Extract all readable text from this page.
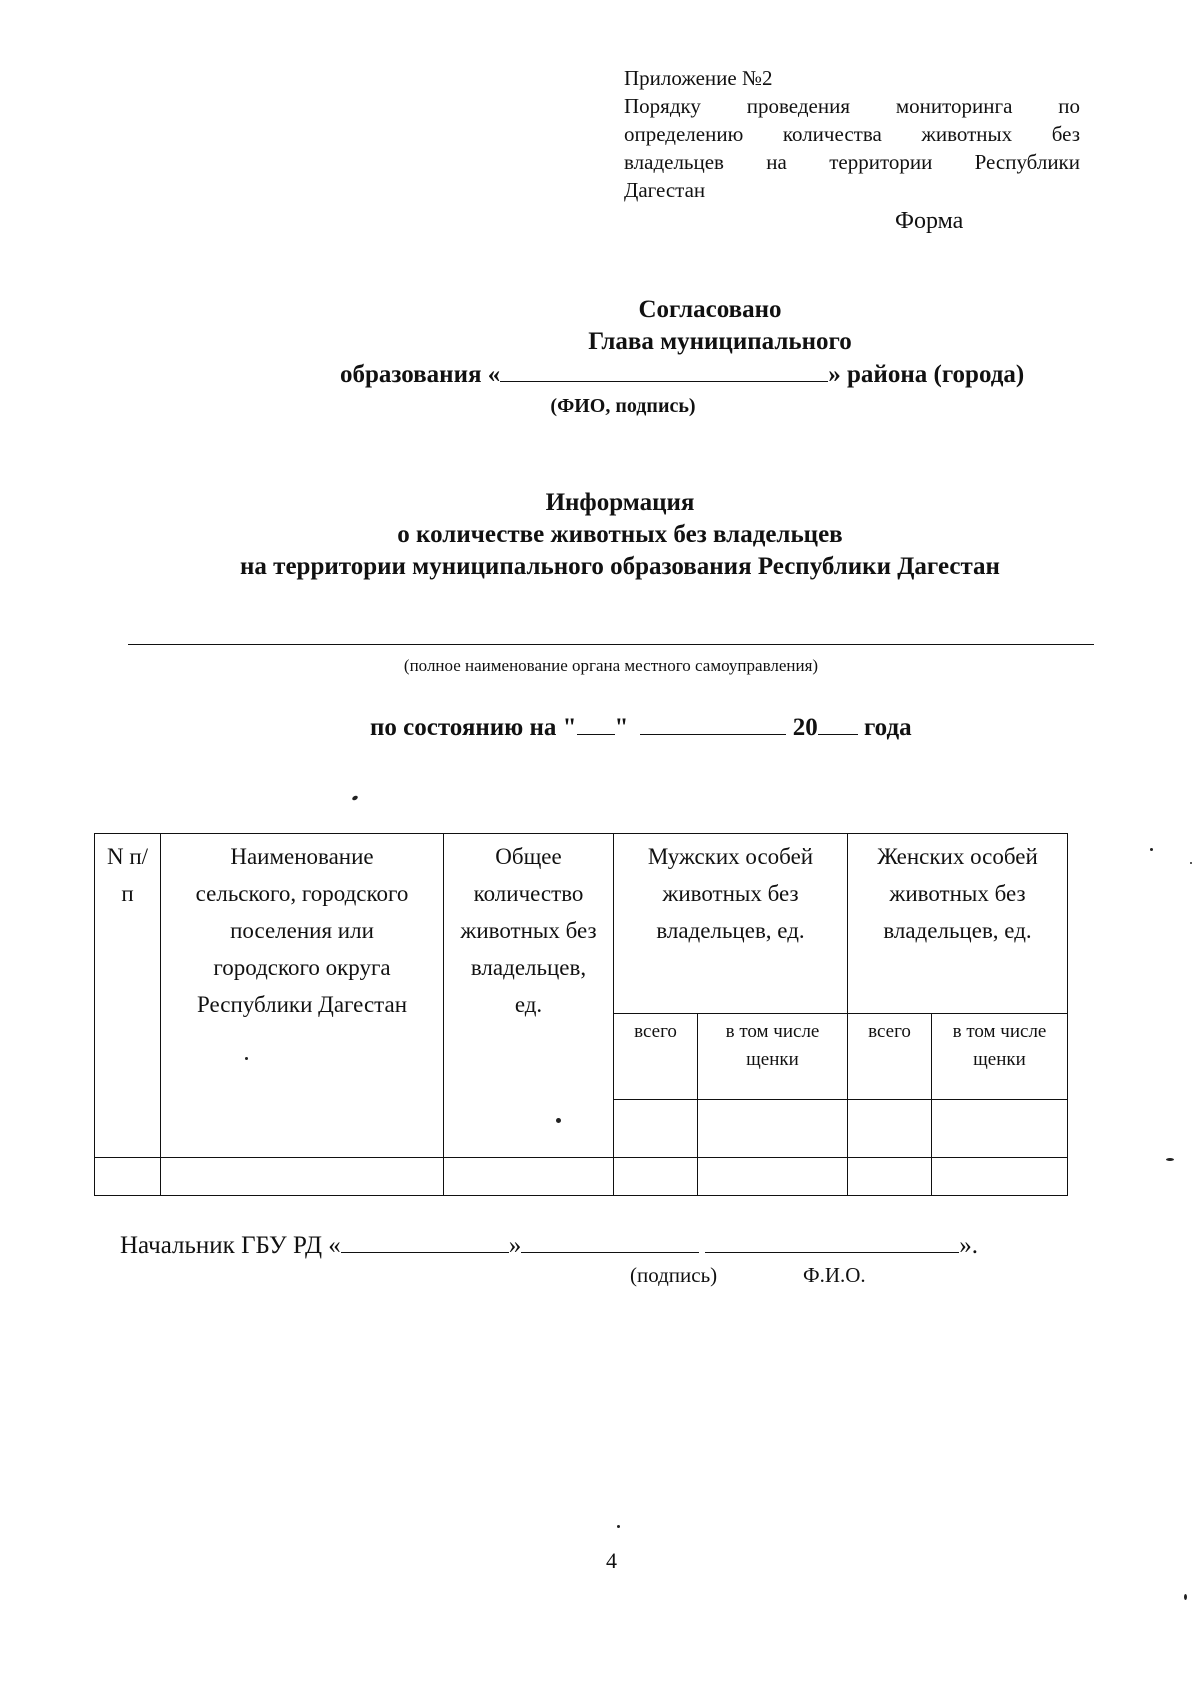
Приложение №2
Порядку проведения мониторинга по
определению количества животных без
владельцев на территории Республики
Дагестан
Форма
Согласовано
Глава муниципального
образования «	» района (города)
(ФИО, подпись)
Информация
о количестве животных без владельцев
на территории муниципального образования Республики Дагестан
(полное наименование органа местного самоуправления)
по состоянию на " "	20 года
N п/п	Наименование сельского, городского поселения или городского округа Республики Дагестан	Общее количество животных без владельцев, ед.	Мужских особей животных без владельцев, ед.		Женских особей животных без владельцев, ед.	
			всего	в том числе щенки	всего	в том числе щенки

Начальник ГБУ РД «	»	».
(подпись)	Ф.И.О.
4
